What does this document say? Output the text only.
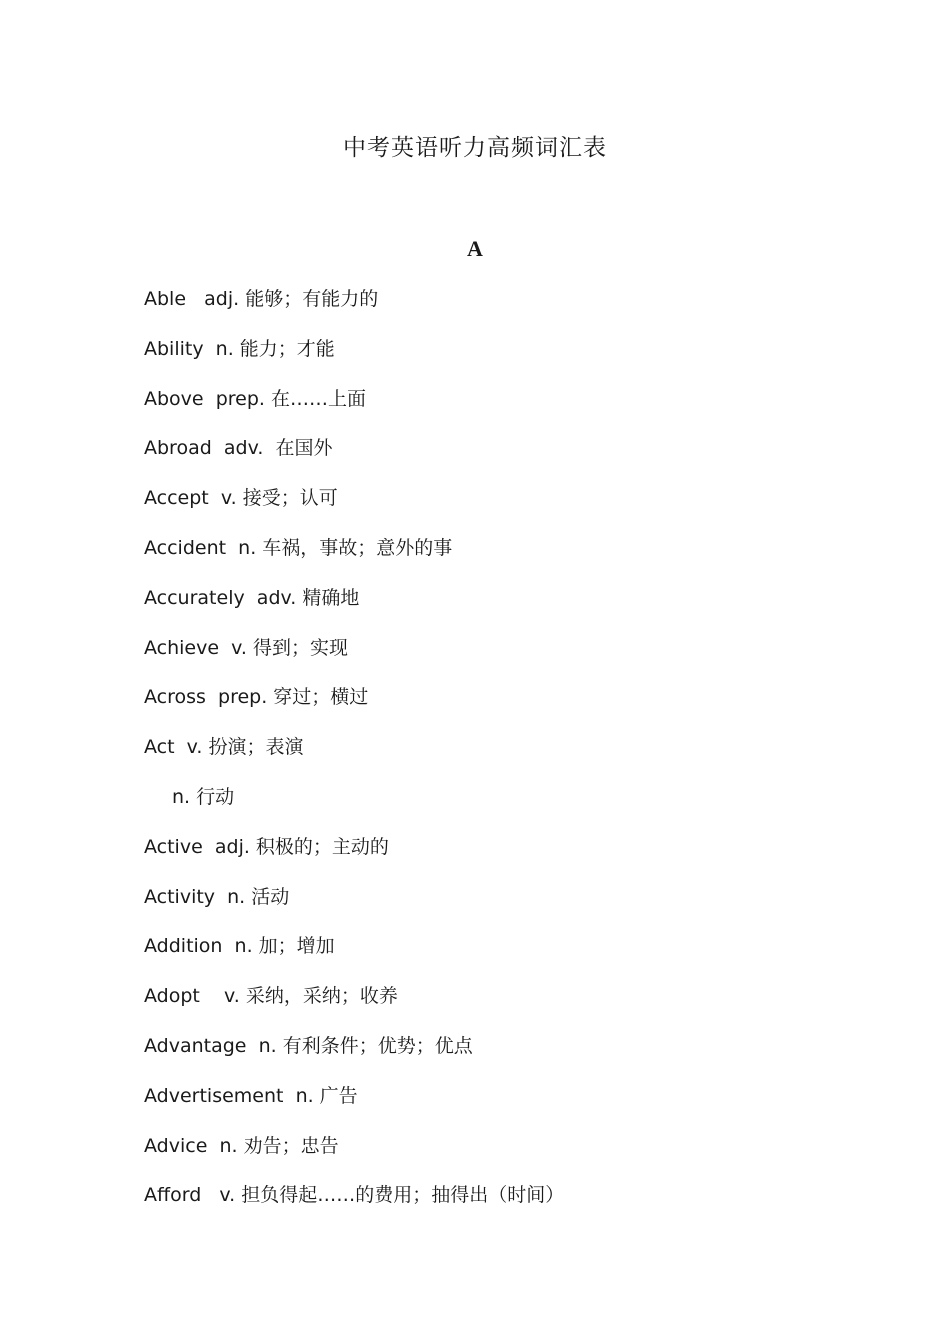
中考英语听力高频词汇表
A
Able   adj. 能够；有能力的
Ability  n. 能力；才能
Above  prep. 在……上面
Abroad  adv.  在国外
Accept  v. 接受；认可
Accident  n. 车祸，事故；意外的事
Accurately  adv. 精确地
Achieve  v. 得到；实现
Across  prep. 穿过；横过
Act  v. 扮演；表演
n. 行动
Active  adj. 积极的；主动的
Activity  n. 活动
Addition  n. 加；增加
Adopt    v. 采纳，采纳；收养
Advantage  n. 有利条件；优势；优点
Advertisement  n. 广告
Advice  n. 劝告；忠告
Afford   v. 担负得起……的费用；抽得出（时间）
